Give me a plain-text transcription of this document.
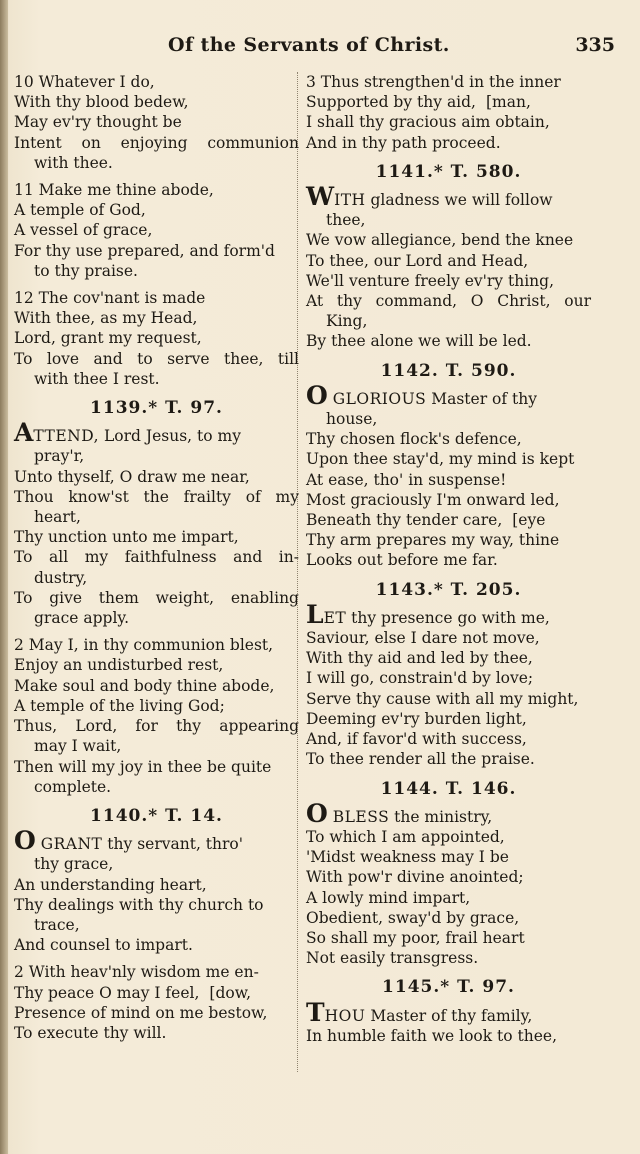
Of the Servants of Christ.	335
10 Whatever I do,
With thy blood bedew,
May ev'ry thought be
Intent on enjoying communion
with thee.
11 Make me thine abode,
A temple of God,
A vessel of grace,
For thy use prepared, and form'd
to thy praise.
12 The cov'nant is made
With thee, as my Head,
Lord, grant my request,
To love and to serve thee, till
with thee I rest.
1139.* T. 97.
ATTEND, Lord Jesus, to my
pray'r,
Unto thyself, O draw me near,
Thou know'st the frailty of my
heart,
Thy unction unto me impart,
To all my faithfulness and in-
dustry,
To give them weight, enabling
grace apply.
2 May I, in thy communion blest,
Enjoy an undisturbed rest,
Make soul and body thine abode,
A temple of the living God;
Thus, Lord, for thy appearing
may I wait,
Then will my joy in thee be quite
complete.
1140.* T. 14.
O GRANT thy servant, thro'
thy grace,
An understanding heart,
Thy dealings with thy church to
trace,
And counsel to impart.
2 With heav'nly wisdom me en-
Thy peace O may I feel, [dow,
Presence of mind on me bestow,
To execute thy will.
3 Thus strengthen'd in the inner
Supported by thy aid, [man,
I shall thy gracious aim obtain,
And in thy path proceed.
1141.* T. 580.
WITH gladness we will follow
thee,
We vow allegiance, bend the knee
To thee, our Lord and Head,
We'll venture freely ev'ry thing,
At thy command, O Christ, our
King,
By thee alone we will be led.
1142. T. 590.
O GLORIOUS Master of thy
house,
Thy chosen flock's defence,
Upon thee stay'd, my mind is kept
At ease, tho' in suspense!
Most graciously I'm onward led,
Beneath thy tender care, [eye
Thy arm prepares my way, thine
Looks out before me far.
1143.* T. 205.
LET thy presence go with me,
Saviour, else I dare not move,
With thy aid and led by thee,
I will go, constrain'd by love;
Serve thy cause with all my might,
Deeming ev'ry burden light,
And, if favor'd with success,
To thee render all the praise.
1144. T. 146.
O BLESS the ministry,
To which I am appointed,
'Midst weakness may I be
With pow'r divine anointed;
A lowly mind impart,
Obedient, sway'd by grace,
So shall my poor, frail heart
Not easily transgress.
1145.* T. 97.
THOU Master of thy family,
In humble faith we look to thee,
